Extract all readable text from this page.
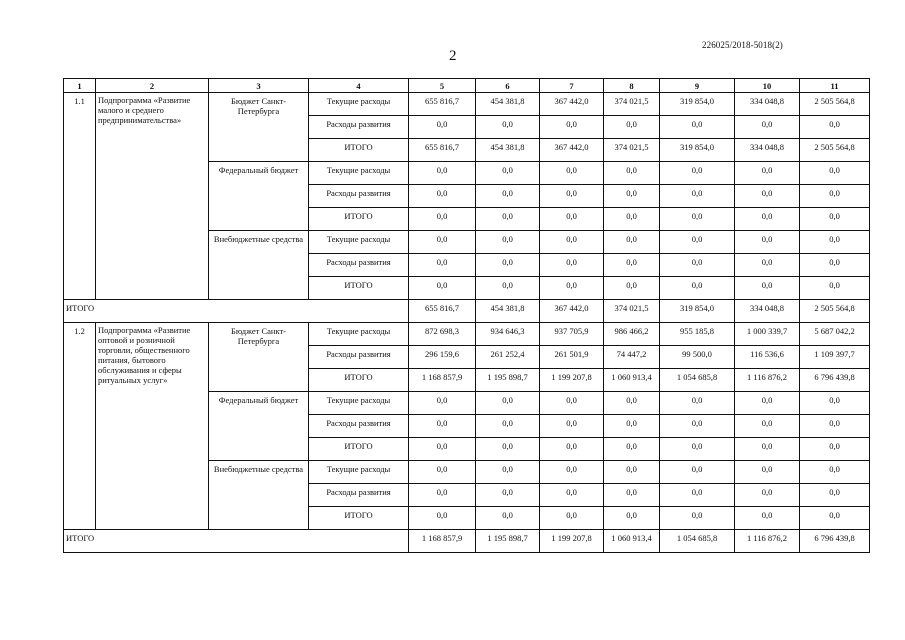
226025/2018-5018(2)
2
1	2	3	4	5	6	7	8	9	10	11
1.1	Подпрограмма «Развитие малого и среднего предпринимательства»	Бюджет Санкт-Петербурга	Текущие расходы	655 816,7	454 381,8	367 442,0	374 021,5	319 854,0	334 048,8	2 505 564,8
			Расходы развития	0,0	0,0	0,0	0,0	0,0	0,0	0,0
			ИТОГО	655 816,7	454 381,8	367 442,0	374 021,5	319 854,0	334 048,8	2 505 564,8
		Федеральный бюджет	Текущие расходы	0,0	0,0	0,0	0,0	0,0	0,0	0,0
			Расходы развития	0,0	0,0	0,0	0,0	0,0	0,0	0,0
			ИТОГО	0,0	0,0	0,0	0,0	0,0	0,0	0,0
		Внебюджетные средства	Текущие расходы	0,0	0,0	0,0	0,0	0,0	0,0	0,0
			Расходы развития	0,0	0,0	0,0	0,0	0,0	0,0	0,0
			ИТОГО	0,0	0,0	0,0	0,0	0,0	0,0	0,0
ИТОГО				655 816,7	454 381,8	367 442,0	374 021,5	319 854,0	334 048,8	2 505 564,8
1.2	Подпрограмма «Развитие оптовой и розничной торговли, общественного питания, бытового обслуживания и сферы ритуальных услуг»	Бюджет Санкт-Петербурга	Текущие расходы	872 698,3	934 646,3	937 705,9	986 466,2	955 185,8	1 000 339,7	5 687 042,2
			Расходы развития	296 159,6	261 252,4	261 501,9	74 447,2	99 500,0	116 536,6	1 109 397,7
			ИТОГО	1 168 857,9	1 195 898,7	1 199 207,8	1 060 913,4	1 054 685,8	1 116 876,2	6 796 439,8
		Федеральный бюджет	Текущие расходы	0,0	0,0	0,0	0,0	0,0	0,0	0,0
			Расходы развития	0,0	0,0	0,0	0,0	0,0	0,0	0,0
			ИТОГО	0,0	0,0	0,0	0,0	0,0	0,0	0,0
		Внебюджетные средства	Текущие расходы	0,0	0,0	0,0	0,0	0,0	0,0	0,0
			Расходы развития	0,0	0,0	0,0	0,0	0,0	0,0	0,0
			ИТОГО	0,0	0,0	0,0	0,0	0,0	0,0	0,0
ИТОГО				1 168 857,9	1 195 898,7	1 199 207,8	1 060 913,4	1 054 685,8	1 116 876,2	6 796 439,8
